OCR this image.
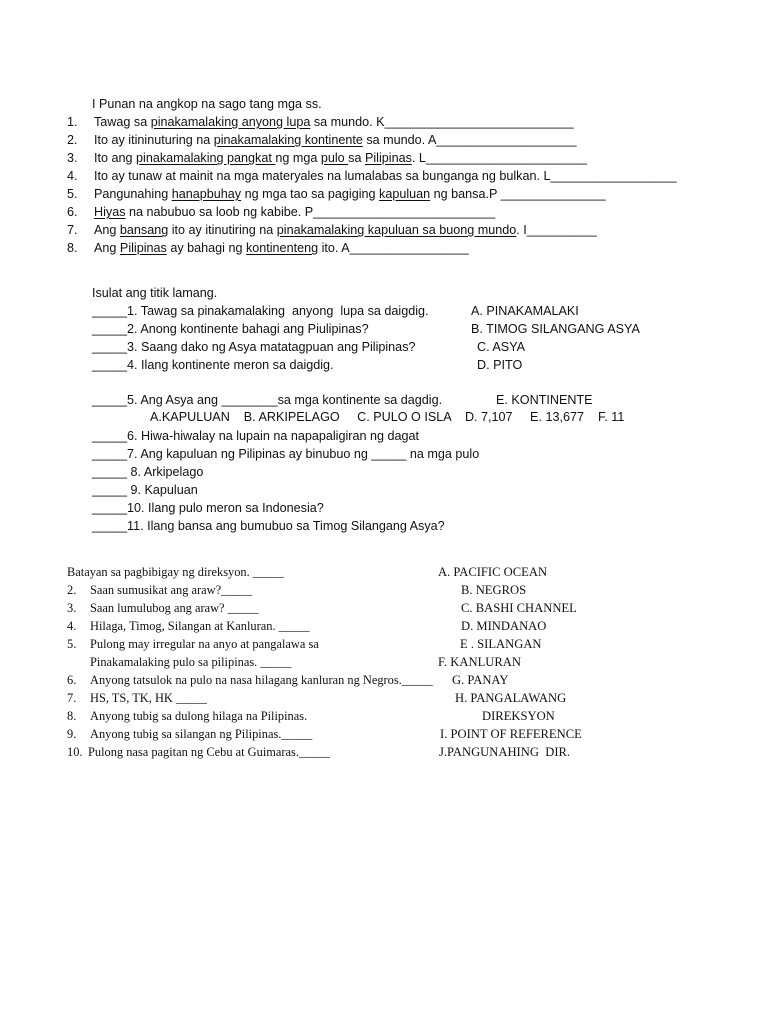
I Punan na angkop na sago tang mga ss.
1. Tawag sa pinakamalaking anyong lupa sa mundo. K___________________________
2. Ito ay itininuturing na pinakamalaking kontinente sa mundo. A____________________
3. Ito ang pinakamalaking pangkat ng mga pulo sa Pilipinas. L_______________________
4. Ito ay tunaw at mainit na mga materyales na lumalabas sa bunganga ng bulkan. L__________________
5. Pangunahing hanapbuhay ng mga tao sa pagiging kapuluan ng bansa.P _______________
6. Hiyas na nabubuo sa loob ng kabibe. P__________________________
7. Ang bansang ito ay itinutiring na pinakamalaking kapuluan sa buong mundo. I__________
8. Ang Pilipinas ay bahagi ng kontinenteng ito. A_________________
Isulat ang titik lamang.
_____1. Tawag sa pinakamalaking  anyong  lupa sa daigdig.
_____2. Anong kontinente bahagi ang Piulipinas?
_____3. Saang dako ng Asya matatagpuan ang Pilipinas?
_____4. Ilang kontinente meron sa daigdig.
A. PINAKAMALAKI
B. TIMOG SILANGANG ASYA
C. ASYA
D. PITO
_____5. Ang Asya ang ________sa mga kontinente sa dagdig.	E. KONTINENTE
A.KAPULUAN    B. ARKIPELAGO     C. PULO O ISLA    D. 7,107     E. 13,677    F. 11
_____6. Hiwa-hiwalay na lupain na napapaligiran ng dagat
_____7. Ang kapuluan ng Pilipinas ay binubuo ng _____ na mga pulo
_____ 8. Arkipelago
_____ 9. Kapuluan
_____10. Ilang pulo meron sa Indonesia?
_____11. Ilang bansa ang bumubuo sa Timog Silangang Asya?
Batayan sa pagbibigay ng direksyon. _____
2. Saan sumusikat ang araw?_____
3. Saan lumulubog ang araw? _____
4. Hilaga, Timog, Silangan at Kanluran. _____
5. Pulong may irregular na anyo at pangalawa sa
Pinakamalaking pulo sa pilipinas. _____
6. Anyong tatsulok na pulo na nasa hilagang kanluran ng Negros._____
7. HS, TS, TK, HK _____
8. Anyong tubig sa dulong hilaga na Pilipinas.
9. Anyong tubig sa silangan ng Pilipinas._____
10. Pulong nasa pagitan ng Cebu at Guimaras._____
A. PACIFIC OCEAN
B. NEGROS
C. BASHI CHANNEL
D. MINDANAO
E . SILANGAN
F. KANLURAN
G. PANAY
H. PANGALAWANG
DIREKSYON
I. POINT OF REFERENCE
J.PANGUNAHING  DIR.
